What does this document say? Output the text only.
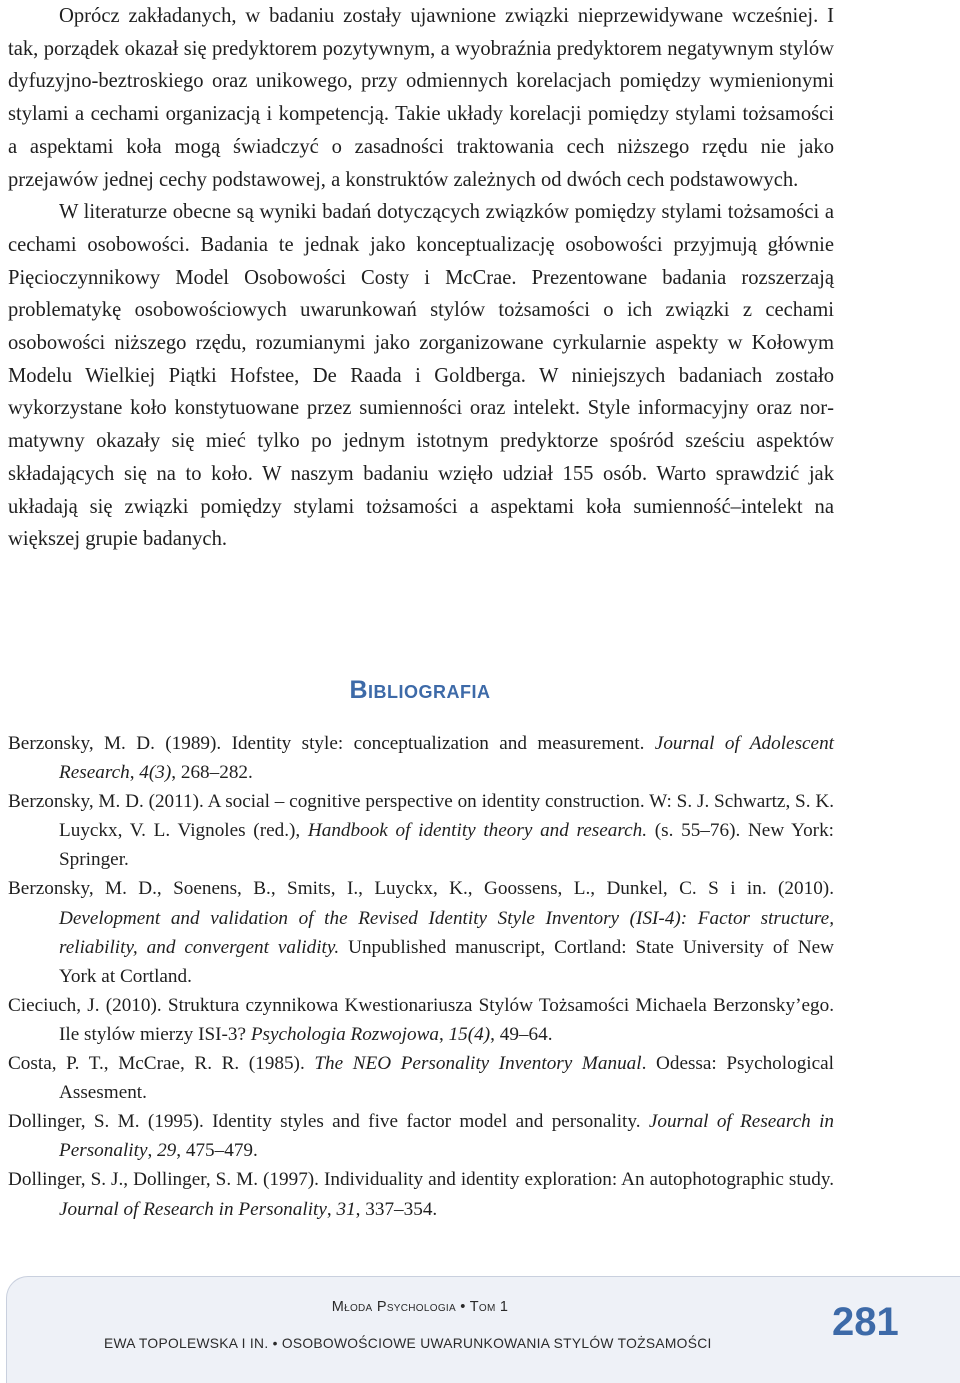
Oprócz zakładanych, w badaniu zostały ujawnione związki nieprzewidywane wcześniej. I tak, porządek okazał się predyktorem pozytywnym, a wyobraźnia predyktorem negatywnym stylów dyfuzyjno-beztroskiego oraz unikowego, przy odmiennych korelacjach pomiędzy wymienionymi stylami a cechami organizacją i kompetencją. Takie układy korelacji pomiędzy stylami tożsamości a aspektami koła mogą świadczyć o zasadności traktowania cech niższego rzędu nie jako przejawów jednej cechy podstawowej, a konstruktów zależnych od dwóch cech podstawowych.

W literaturze obecne są wyniki badań dotyczących związków pomiędzy stylami tożsamości a cechami osobowości. Badania te jednak jako konceptualizację osobowości przyjmują głównie Pięcioczynnikowy Model Osobowości Costy i McCrae. Prezentowane badania rozszerzają problematykę osobowościowych uwarunkowań stylów tożsamości o ich związki z cechami osobowości niższego rzędu, rozumianymi jako zorganizowane cyrkularnie aspekty w Kołowym Modelu Wielkiej Piątki Hofstee, De Raada i Goldberga. W niniejszych badaniach zostało wykorzystane koło konstytuowane przez sumienności oraz intelekt. Style informacyjny oraz normatywny okazały się mieć tylko po jednym istotnym predyktorze spośród sześciu aspektów składających się na to koło. W naszym badaniu wzięło udział 155 osób. Warto sprawdzić jak układają się związki pomiędzy stylami tożsamości a aspektami koła sumienność–intelekt na większej grupie badanych.

Bibliografia

Berzonsky, M. D. (1989). Identity style: conceptualization and measurement. Journal of Adolescent Research, 4(3), 268–282.

Berzonsky, M. D. (2011). A social – cognitive perspective on identity construction. W: S. J. Schwartz, S. K. Luyckx, V. L. Vignoles (red.), Handbook of identity theory and research. (s. 55–76). New York: Springer.

Berzonsky, M. D., Soenens, B., Smits, I., Luyckx, K., Goossens, L., Dunkel, C. S i in. (2010). Development and validation of the Revised Identity Style Inventory (ISI-4): Factor structure, reliability, and convergent validity. Unpublished manuscript, Cortland: State University of New York at Cortland.

Cieciuch, J. (2010). Struktura czynnikowa Kwestionariusza Stylów Tożsamości Michaela Berzonsky’ego. Ile stylów mierzy ISI-3? Psychologia Rozwojowa, 15(4), 49–64.

Costa, P. T., McCrae, R. R. (1985). The NEO Personality Inventory Manual. Odessa: Psychological Assesment.

Dollinger, S. M. (1995). Identity styles and five factor model and personality. Journal of Research in Personality, 29, 475–479.

Dollinger, S. J., Dollinger, S. M. (1997). Individuality and identity exploration: An autophotographic study. Journal of Research in Personality, 31, 337–354.

Młoda Psychologia • Tom 1
EWA TOPOLEWSKA I IN. • OSOBOWOŚCIOWE UWARUNKOWANIA STYLÓW TOŻSAMOŚCI	281
